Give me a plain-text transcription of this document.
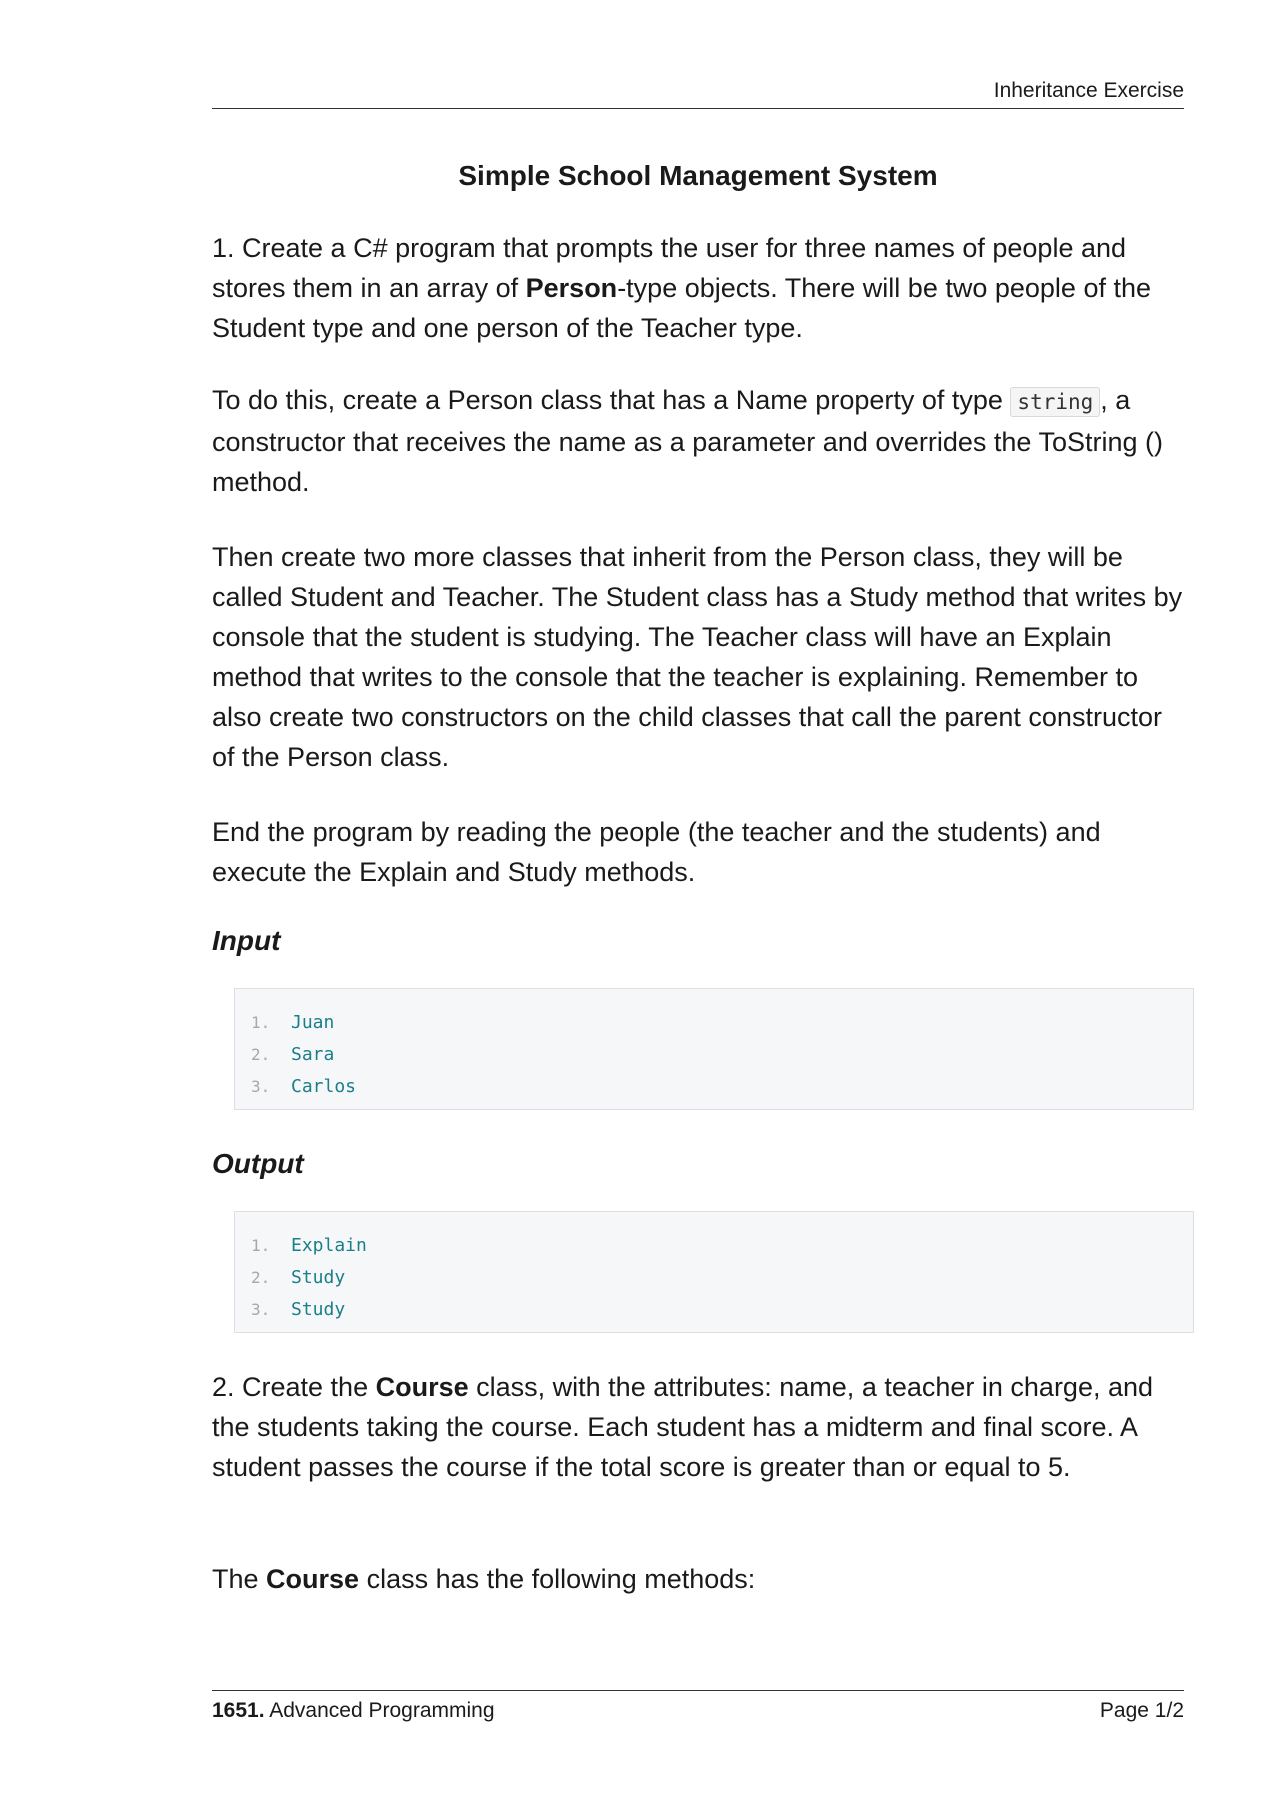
Inheritance Exercise
Simple School Management System

1. Create a C# program that prompts the user for three names of people and stores them in an array of Person-type objects. There will be two people of the Student type and one person of the Teacher type.

To do this, create a Person class that has a Name property of type string , a constructor that receives the name as a parameter and overrides the ToString () method.

Then create two more classes that inherit from the Person class, they will be called Student and Teacher. The Student class has a Study method that writes by console that the student is studying. The Teacher class will have an Explain method that writes to the console that the teacher is explaining. Remember to also create two constructors on the child classes that call the parent constructor of the Person class.

End the program by reading the people (the teacher and the students) and execute the Explain and Study methods.

Input
1. Juan
2. Sara
3. Carlos
Output
1. Explain
2. Study
3. Study

2. Create the Course class, with the attributes: name, a teacher in charge, and the students taking the course. Each student has a midterm and final score. A student passes the course if the total score is greater than or equal to 5.

The Course class has the following methods:

1651. Advanced Programming	Page 1/2
